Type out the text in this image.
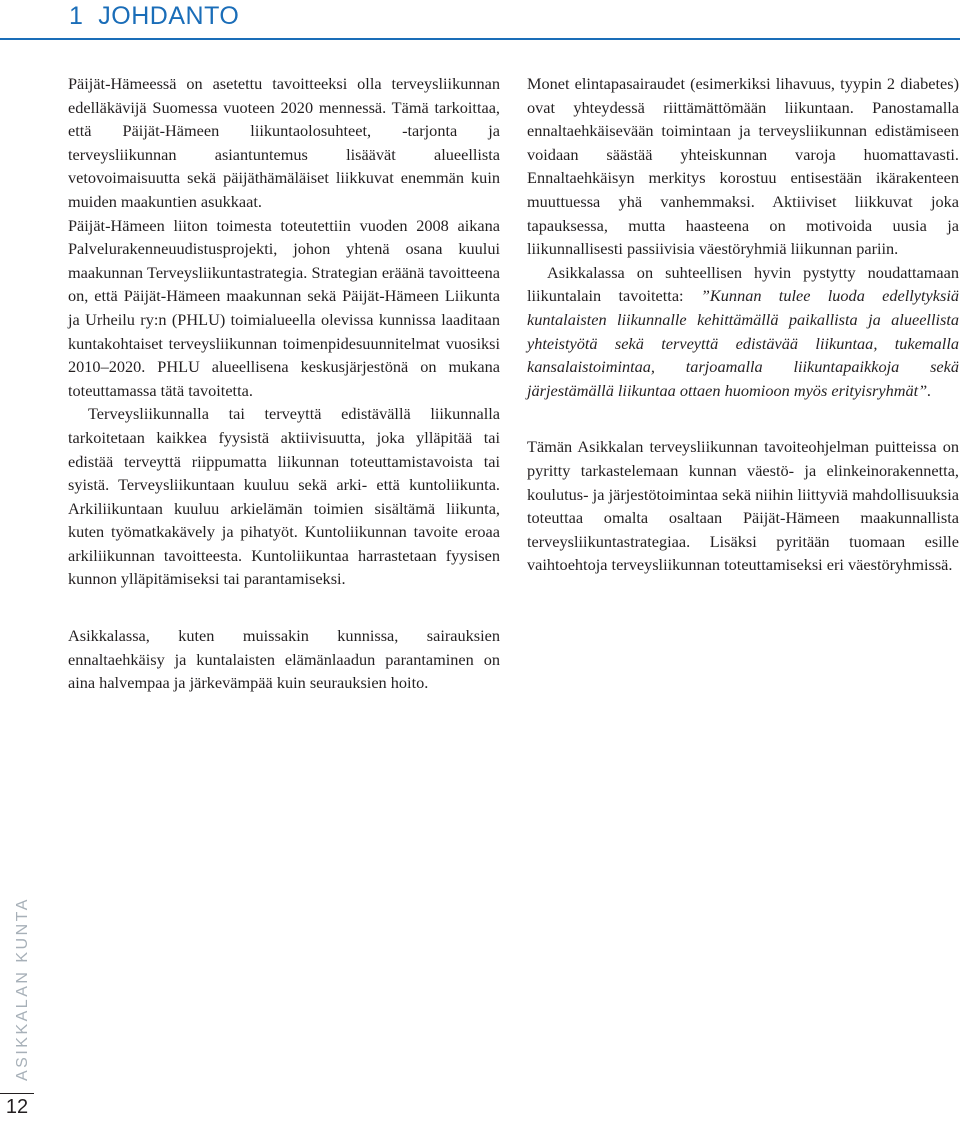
1  JOHDANTO

Päijät-Hämeessä on asetettu tavoitteeksi olla terveysliikunnan edelläkävijä Suomessa vuoteen 2020 mennessä. Tämä tarkoittaa, että Päijät-Hämeen liikuntaolosuhteet, -tarjonta ja terveysliikunnan asiantuntemus lisäävät alueellista vetovoimaisuutta sekä päijäthämäläiset liikkuvat enemmän kuin muiden maakuntien asukkaat.

Päijät-Hämeen liiton toimesta toteutettiin vuoden 2008 aikana Palvelurakenneuudistusprojekti, johon yhtenä osana kuului maakunnan Terveysliikuntastrategia. Strategian eräänä tavoitteena on, että Päijät-Hämeen maakunnan sekä Päijät-Hämeen Liikunta ja Urheilu ry:n (PHLU) toimialueella olevissa kunnissa laaditaan kuntakohtaiset terveysliikunnan toimenpidesuunnitelmat vuosiksi 2010–2020. PHLU alueellisena keskusjärjestönä on mukana toteuttamassa tätä tavoitetta.

Terveysliikunnalla tai terveyttä edistävällä liikunnalla tarkoitetaan kaikkea fyysistä aktiivisuutta, joka ylläpitää tai edistää terveyttä riippumatta liikunnan toteuttamistavoista tai syistä. Terveysliikuntaan kuuluu sekä arki- että kuntoliikunta. Arkiliikuntaan kuuluu arkielämän toimien sisältämä liikunta, kuten työmatkakävely ja pihatyöt. Kuntoliikunnan tavoite eroaa arkiliikunnan tavoitteesta. Kuntoliikuntaa harrastetaan fyysisen kunnon ylläpitämiseksi tai parantamiseksi.

Asikkalassa, kuten muissakin kunnissa, sairauksien ennaltaehkäisy ja kuntalaisten elämänlaadun parantaminen on aina halvempaa ja järkevämpää kuin seurauksien hoito.

Monet elintapasairaudet (esimerkiksi lihavuus, tyypin 2 diabetes) ovat yhteydessä riittämättömään liikuntaan. Panostamalla ennaltaehkäisevään toimintaan ja terveysliikunnan edistämiseen voidaan säästää yhteiskunnan varoja huomattavasti. Ennaltaehkäisyn merkitys korostuu entisestään ikärakenteen muuttuessa yhä vanhemmaksi. Aktiiviset liikkuvat joka tapauksessa, mutta haasteena on motivoida uusia ja liikunnallisesti passiivisia väestöryhmiä liikunnan pariin.

Asikkalassa on suhteellisen hyvin pystytty noudattamaan liikuntalain tavoitetta: ”Kunnan tulee luoda edellytyksiä kuntalaisten liikunnalle kehittämällä paikallista ja alueellista yhteistyötä sekä terveyttä edistävää liikuntaa, tukemalla kansalaistoimintaa, tarjoamalla liikuntapaikkoja sekä järjestämällä liikuntaa ottaen huomioon myös erityisryhmät”.

Tämän Asikkalan terveysliikunnan tavoiteohjelman puitteissa on pyritty tarkastelemaan kunnan väestö- ja elinkeinorakennetta, koulutus- ja järjestötoimintaa sekä niihin liittyviä mahdollisuuksia toteuttaa omalta osaltaan Päijät-Hämeen maakunnallista terveysliikuntastrategiaa. Lisäksi pyritään tuomaan esille vaihtoehtoja terveysliikunnan toteuttamiseksi eri väestöryhmissä.

ASIKKALAN KUNTA
12
